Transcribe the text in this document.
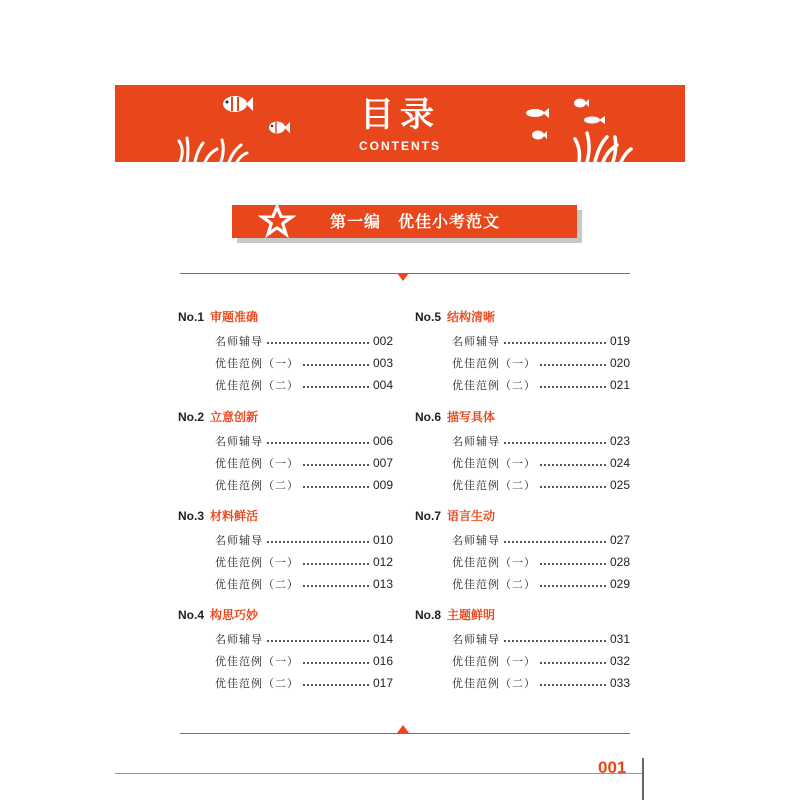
目录
CONTENTS
第一编　优佳小考范文
No.1 审题准确
名师辅导	002
优佳范例（一）	003
优佳范例（二）	004
No.2 立意创新
名师辅导	006
优佳范例（一）	007
优佳范例（二）	009
No.3 材料鲜活
名师辅导	010
优佳范例（一）	012
优佳范例（二）	013
No.4 构思巧妙
名师辅导	014
优佳范例（一）	016
优佳范例（二）	017
No.5 结构清晰
名师辅导	019
优佳范例（一）	020
优佳范例（二）	021
No.6 描写具体
名师辅导	023
优佳范例（一）	024
优佳范例（二）	025
No.7 语言生动
名师辅导	027
优佳范例（一）	028
优佳范例（二）	029
No.8 主题鲜明
名师辅导	031
优佳范例（一）	032
优佳范例（二）	033
001
